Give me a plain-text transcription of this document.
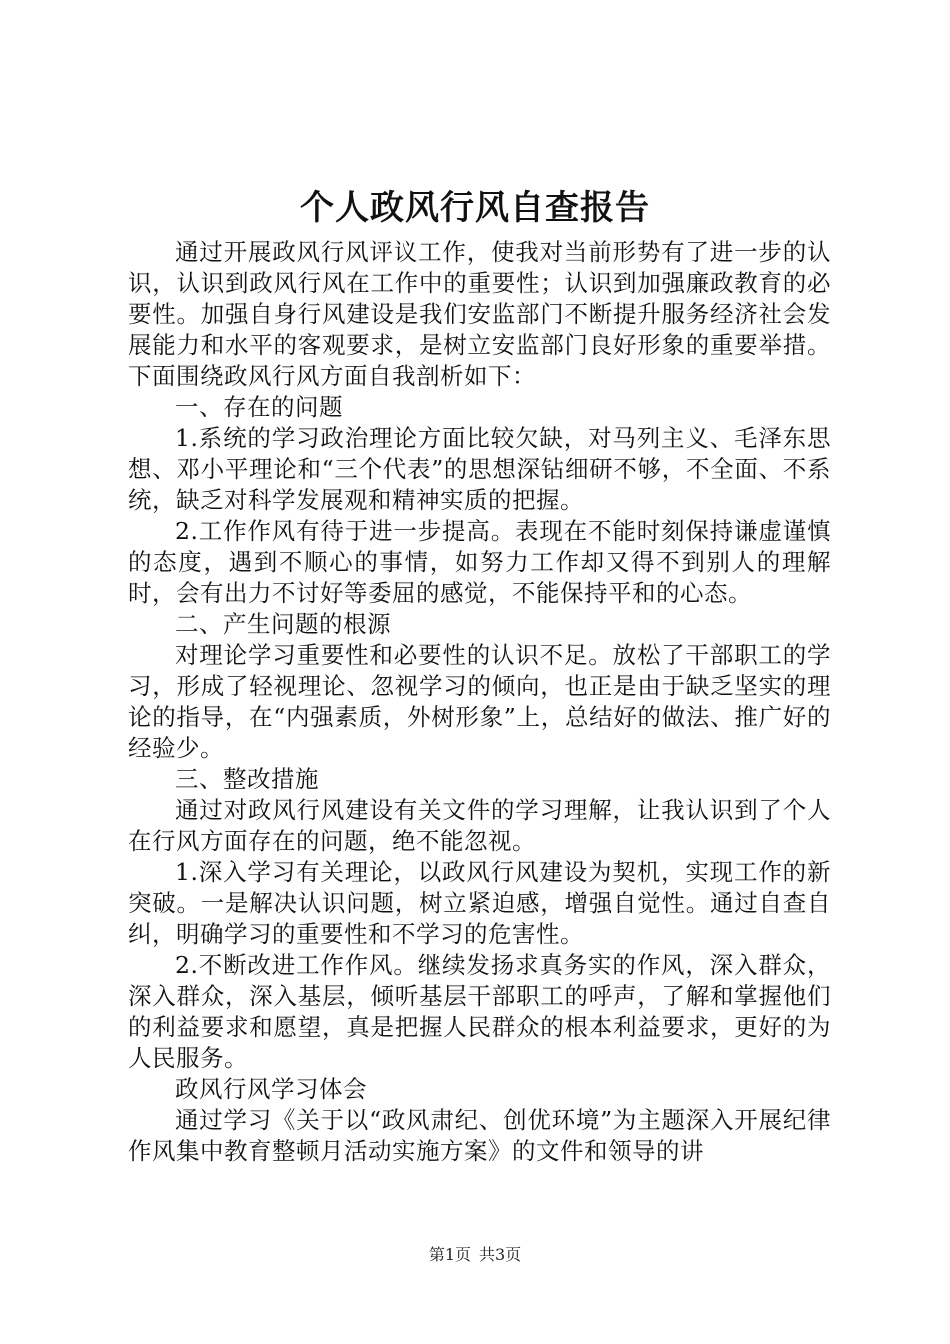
个人政风行风自查报告

通过开展政风行风评议工作，使我对当前形势有了进一步的认识，认识到政风行风在工作中的重要性；认识到加强廉政教育的必要性。加强自身行风建设是我们安监部门不断提升服务经济社会发展能力和水平的客观要求，是树立安监部门良好形象的重要举措。下面围绕政风行风方面自我剖析如下：

一、存在的问题

1.系统的学习政治理论方面比较欠缺，对马列主义、毛泽东思想、邓小平理论和“三个代表”的思想深钻细研不够，不全面、不系统，缺乏对科学发展观和精神实质的把握。

2.工作作风有待于进一步提高。表现在不能时刻保持谦虚谨慎的态度，遇到不顺心的事情，如努力工作却又得不到别人的理解时，会有出力不讨好等委屈的感觉，不能保持平和的心态。

二、产生问题的根源

对理论学习重要性和必要性的认识不足。放松了干部职工的学习，形成了轻视理论、忽视学习的倾向，也正是由于缺乏坚实的理论的指导，在“内强素质，外树形象”上，总结好的做法、推广好的经验少。

三、整改措施

通过对政风行风建设有关文件的学习理解，让我认识到了个人在行风方面存在的问题，绝不能忽视。

1.深入学习有关理论，以政风行风建设为契机，实现工作的新突破。一是解决认识问题，树立紧迫感，增强自觉性。通过自查自纠，明确学习的重要性和不学习的危害性。

2.不断改进工作作风。继续发扬求真务实的作风，深入群众，深入群众，深入基层，倾听基层干部职工的呼声，了解和掌握他们的利益要求和愿望，真是把握人民群众的根本利益要求，更好的为人民服务。

政风行风学习体会

通过学习《关于以“政风肃纪、创优环境”为主题深入开展纪律作风集中教育整顿月活动实施方案》的文件和领导的讲

第1页 共3页
